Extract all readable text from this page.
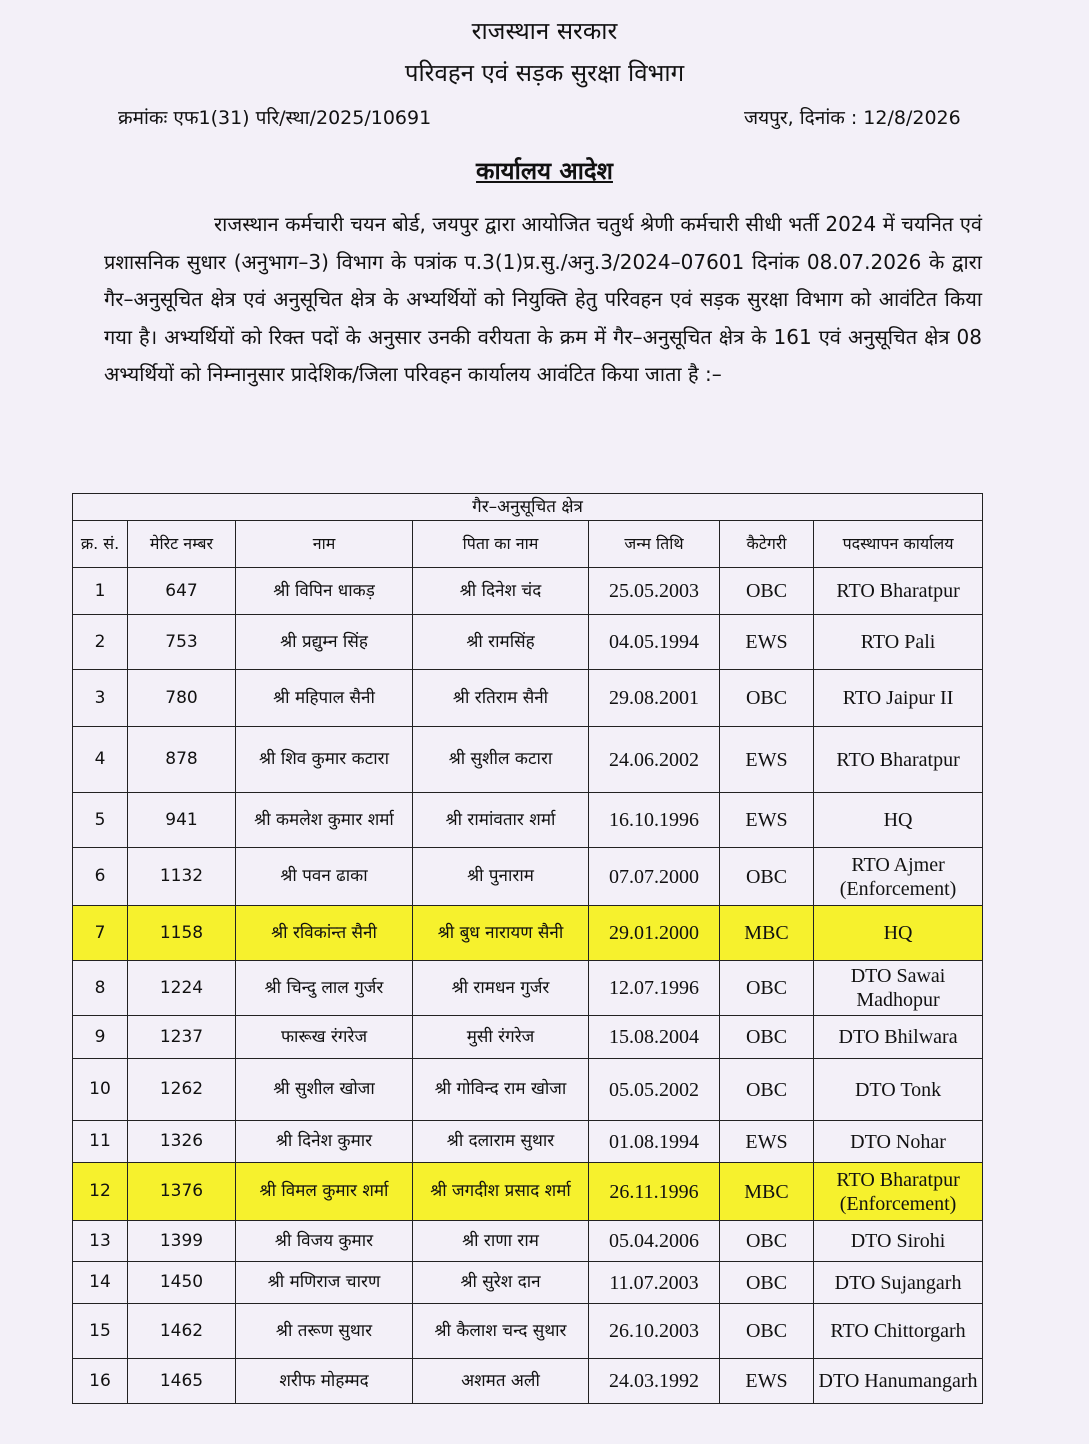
राजस्थान सरकार
परिवहन एवं सड़क सुरक्षा विभाग
क्रमांकः एफ1(31) परि/स्था/2025/10691	जयपुर, दिनांक : 12/8/2026
कार्यालय आदेश
राजस्थान कर्मचारी चयन बोर्ड, जयपुर द्वारा आयोजित चतुर्थ श्रेणी कर्मचारी सीधी भर्ती 2024 में चयनित एवं प्रशासनिक सुधार (अनुभाग–3) विभाग के पत्रांक प.3(1)प्र.सु./अनु.3/2024–07601 दिनांक 08.07.2026 के द्वारा गैर–अनुसूचित क्षेत्र एवं अनुसूचित क्षेत्र के अभ्यर्थियों को नियुक्ति हेतु परिवहन एवं सड़क सुरक्षा विभाग को आवंटित किया गया है। अभ्यर्थियों को रिक्त पदों के अनुसार उनकी वरीयता के क्रम में गैर–अनुसूचित क्षेत्र के 161 एवं अनुसूचित क्षेत्र 08 अभ्यर्थियों को निम्नानुसार प्रादेशिक/जिला परिवहन कार्यालय आवंटित किया जाता है :–
गैर–अनुसूचित क्षेत्र						
क्र. सं.	मेरिट नम्बर	नाम	पिता का नाम	जन्म तिथि	कैटेगरी	पदस्थापन कार्यालय
1	647	श्री विपिन धाकड़	श्री दिनेश चंद	25.05.2003	OBC	RTO Bharatpur
2	753	श्री प्रद्युम्न सिंह	श्री रामसिंह	04.05.1994	EWS	RTO Pali
3	780	श्री महिपाल सैनी	श्री रतिराम सैनी	29.08.2001	OBC	RTO Jaipur II
4	878	श्री शिव कुमार कटारा	श्री सुशील कटारा	24.06.2002	EWS	RTO Bharatpur
5	941	श्री कमलेश कुमार शर्मा	श्री रामांवतार शर्मा	16.10.1996	EWS	HQ
6	1132	श्री पवन ढाका	श्री पुनाराम	07.07.2000	OBC	RTO Ajmer (Enforcement)
7	1158	श्री रविकांन्त सैनी	श्री बुध नारायण सैनी	29.01.2000	MBC	HQ
8	1224	श्री चिन्दु लाल गुर्जर	श्री रामधन गुर्जर	12.07.1996	OBC	DTO Sawai Madhopur
9	1237	फारूख रंगरेज	मुसी रंगरेज	15.08.2004	OBC	DTO Bhilwara
10	1262	श्री सुशील खोजा	श्री गोविन्द राम खोजा	05.05.2002	OBC	DTO Tonk
11	1326	श्री दिनेश कुमार	श्री दलाराम सुथार	01.08.1994	EWS	DTO Nohar
12	1376	श्री विमल कुमार शर्मा	श्री जगदीश प्रसाद शर्मा	26.11.1996	MBC	RTO Bharatpur (Enforcement)
13	1399	श्री विजय कुमार	श्री राणा राम	05.04.2006	OBC	DTO Sirohi
14	1450	श्री मणिराज चारण	श्री सुरेश दान	11.07.2003	OBC	DTO Sujangarh
15	1462	श्री तरूण सुथार	श्री कैलाश चन्द सुथार	26.10.2003	OBC	RTO Chittorgarh
16	1465	शरीफ मोहम्मद	अशमत अली	24.03.1992	EWS	DTO Hanumangarh
